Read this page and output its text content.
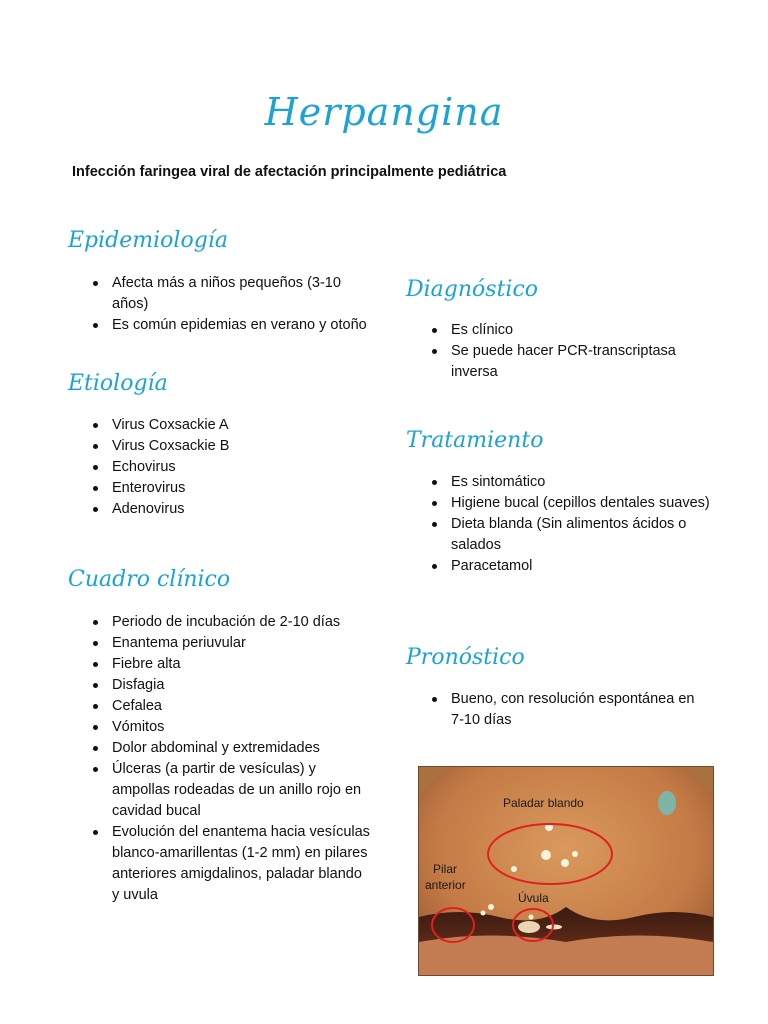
Herpangina
Infección faringea viral de afectación principalmente pediátrica
Epidemiología
Afecta más a niños pequeños (3-10 años)
Es común epidemias en verano y otoño
Etiología
Virus Coxsackie A
Virus Coxsackie B
Echovirus
Enterovirus
Adenovirus
Cuadro clínico
Periodo de incubación de 2-10 días
Enantema periuvular
Fiebre alta
Disfagia
Cefalea
Vómitos
Dolor abdominal y extremidades
Úlceras (a partir de vesículas) y ampollas rodeadas de un anillo rojo en cavidad bucal
Evolución del enantema hacia vesículas blanco-amarillentas (1-2 mm) en pilares anteriores amigdalinos, paladar blando y uvula
Diagnóstico
Es clínico
Se puede hacer PCR-transcriptasa inversa
Tratamiento
Es sintomático
Higiene bucal (cepillos dentales suaves)
Dieta blanda (Sin alimentos ácidos o salados
Paracetamol
Pronóstico
Bueno, con resolución espontánea en 7-10 días
Paladar blando
Pilar
anterior
Úvula
